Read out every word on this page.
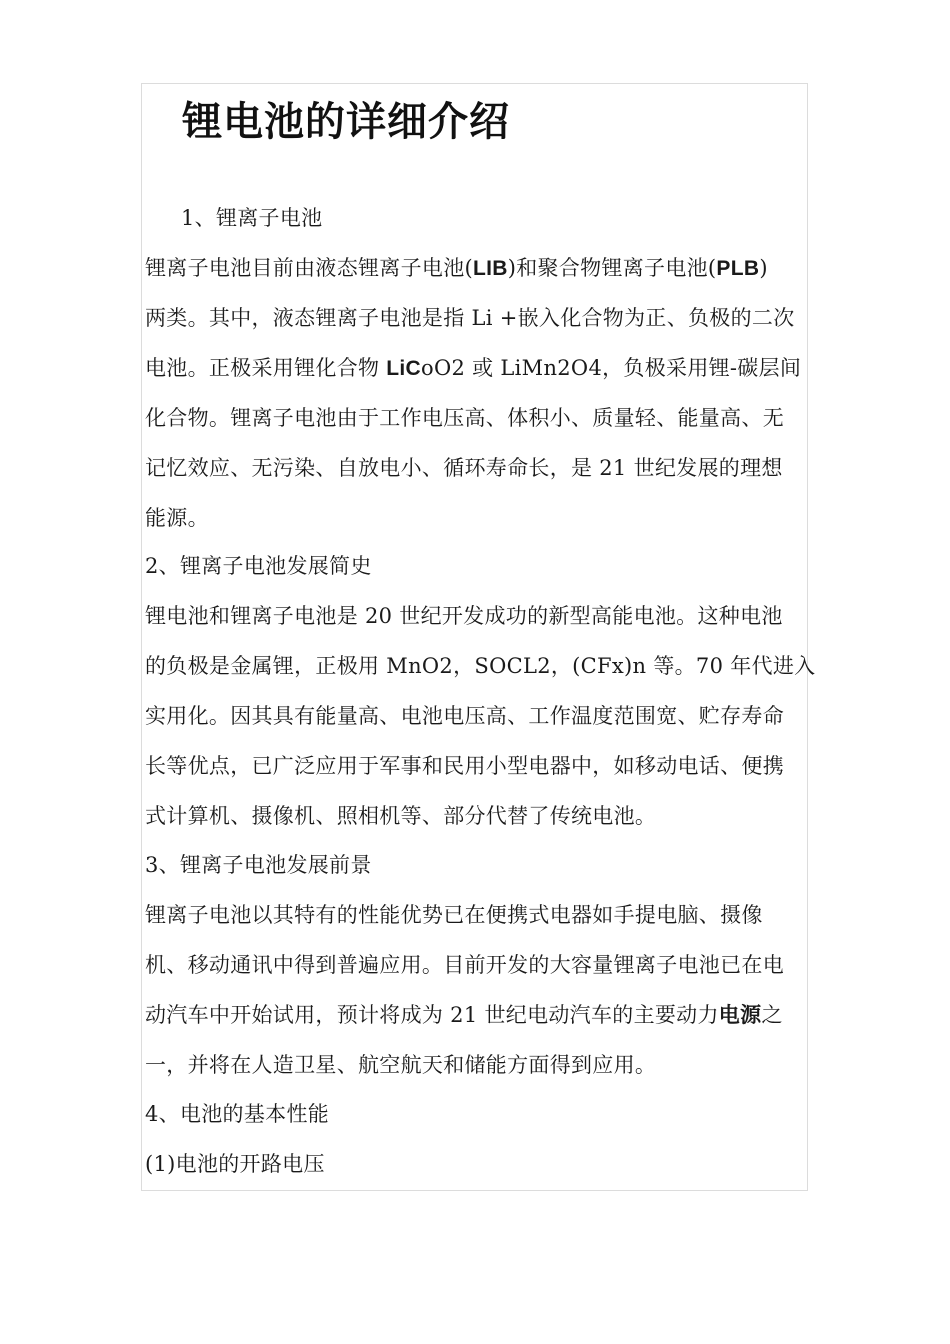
锂电池的详细介绍
1、锂离子电池
锂离子电池目前由液态锂离子电池(LIB)和聚合物锂离子电池(PLB)
两类。其中，液态锂离子电池是指 Li +嵌入化合物为正、负极的二次
电池。正极采用锂化合物 LiCoO2 或 LiMn2O4，负极采用锂-碳层间
化合物。锂离子电池由于工作电压高、体积小、质量轻、能量高、无
记忆效应、无污染、自放电小、循环寿命长，是 21 世纪发展的理想
能源。
2、锂离子电池发展简史
锂电池和锂离子电池是 20 世纪开发成功的新型高能电池。这种电池
的负极是金属锂，正极用 MnO2，SOCL2，(CFx)n 等。70 年代进入
实用化。因其具有能量高、电池电压高、工作温度范围宽、贮存寿命
长等优点，已广泛应用于军事和民用小型电器中，如移动电话、便携
式计算机、摄像机、照相机等、部分代替了传统电池。
3、锂离子电池发展前景
锂离子电池以其特有的性能优势已在便携式电器如手提电脑、摄像
机、移动通讯中得到普遍应用。目前开发的大容量锂离子电池已在电
动汽车中开始试用，预计将成为 21 世纪电动汽车的主要动力电源之
一，并将在人造卫星、航空航天和储能方面得到应用。
4、电池的基本性能
(1)电池的开路电压
